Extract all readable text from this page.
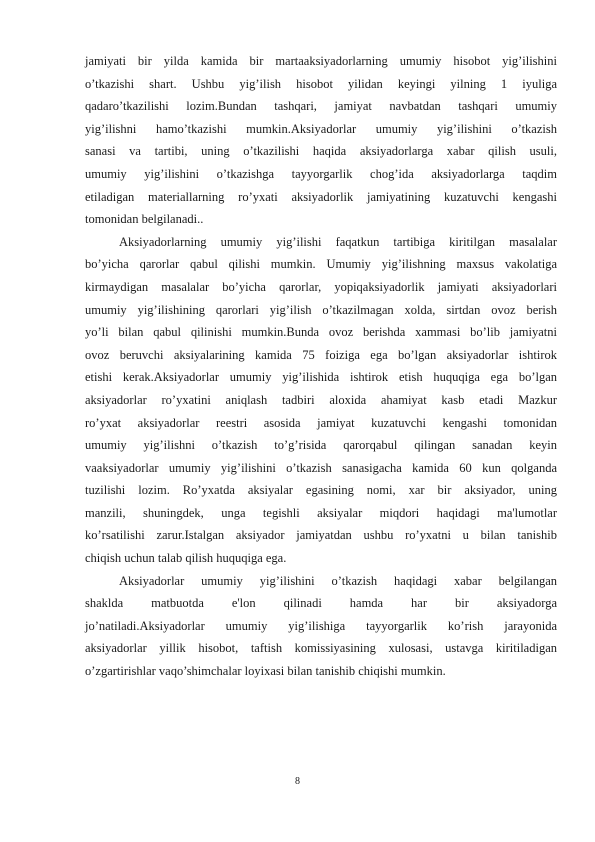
jamiyati bir yilda kamida bir martaaksiyadorlarning umumiy hisobot yig’ilishini
o’tkazishi shart. Ushbu yig’ilish hisobot yilidan keyingi yilning 1 iyuliga
qadaro’tkazilishi lozim.Bundan tashqari, jamiyat navbatdan tashqari umumiy
yig’ilishni hamo’tkazishi mumkin.Aksiyadorlar umumiy yig’ilishini o’tkazish
sanasi va tartibi, uning o’tkazilishi haqida aksiyadorlarga xabar qilish usuli,
umumiy yig’ilishini o’tkazishga tayyorgarlik chog’ida aksiyadorlarga taqdim
etiladigan materiallarning ro’yxati aksiyadorlik jamiyatining kuzatuvchi kengashi
tomonidan belgilanadi..
Aksiyadorlarning umumiy yig’ilishi faqatkun tartibiga kiritilgan masalalar
bo’yicha qarorlar qabul qilishi mumkin. Umumiy yig’ilishning maxsus vakolatiga
kirmaydigan masalalar bo’yicha qarorlar, yopiqaksiyadorlik jamiyati aksiyadorlari
umumiy yig’ilishining qarorlari yig’ilish o’tkazilmagan xolda, sirtdan ovoz berish
yo’li bilan qabul qilinishi mumkin.Bunda ovoz berishda xammasi bo’lib jamiyatni
ovoz beruvchi aksiyalarining kamida 75 foiziga ega bo’lgan aksiyadorlar ishtirok
etishi kerak.Aksiyadorlar umumiy yig’ilishida ishtirok etish huquqiga ega bo’lgan
aksiyadorlar ro’yxatini aniqlash tadbiri aloxida ahamiyat kasb etadi Mazkur
ro’yxat aksiyadorlar reestri asosida jamiyat kuzatuvchi kengashi tomonidan
umumiy yig’ilishni o’tkazish to’g’risida qarorqabul qilingan sanadan keyin
vaaksiyadorlar umumiy yig’ilishini o’tkazish sanasigacha kamida 60 kun qolganda
tuzilishi lozim. Ro’yxatda aksiyalar egasining nomi, xar bir aksiyador, uning
manzili, shuningdek, unga tegishli aksiyalar miqdori haqidagi ma'lumotlar
ko’rsatilishi zarur.Istalgan aksiyador jamiyatdan ushbu ro’yxatni u bilan tanishib
chiqish uchun talab qilish huquqiga ega.
Aksiyadorlar umumiy yig’ilishini o’tkazish haqidagi xabar belgilangan
shaklda matbuotda e'lon qilinadi hamda har bir aksiyadorga
jo’natiladi.Aksiyadorlar umumiy yig’ilishiga tayyorgarlik ko’rish jarayonida
aksiyadorlar yillik hisobot, taftish komissiyasining xulosasi, ustavga kiritiladigan
o’zgartirishlar vaqo’shimchalar loyixasi bilan tanishib chiqishi mumkin.
8
